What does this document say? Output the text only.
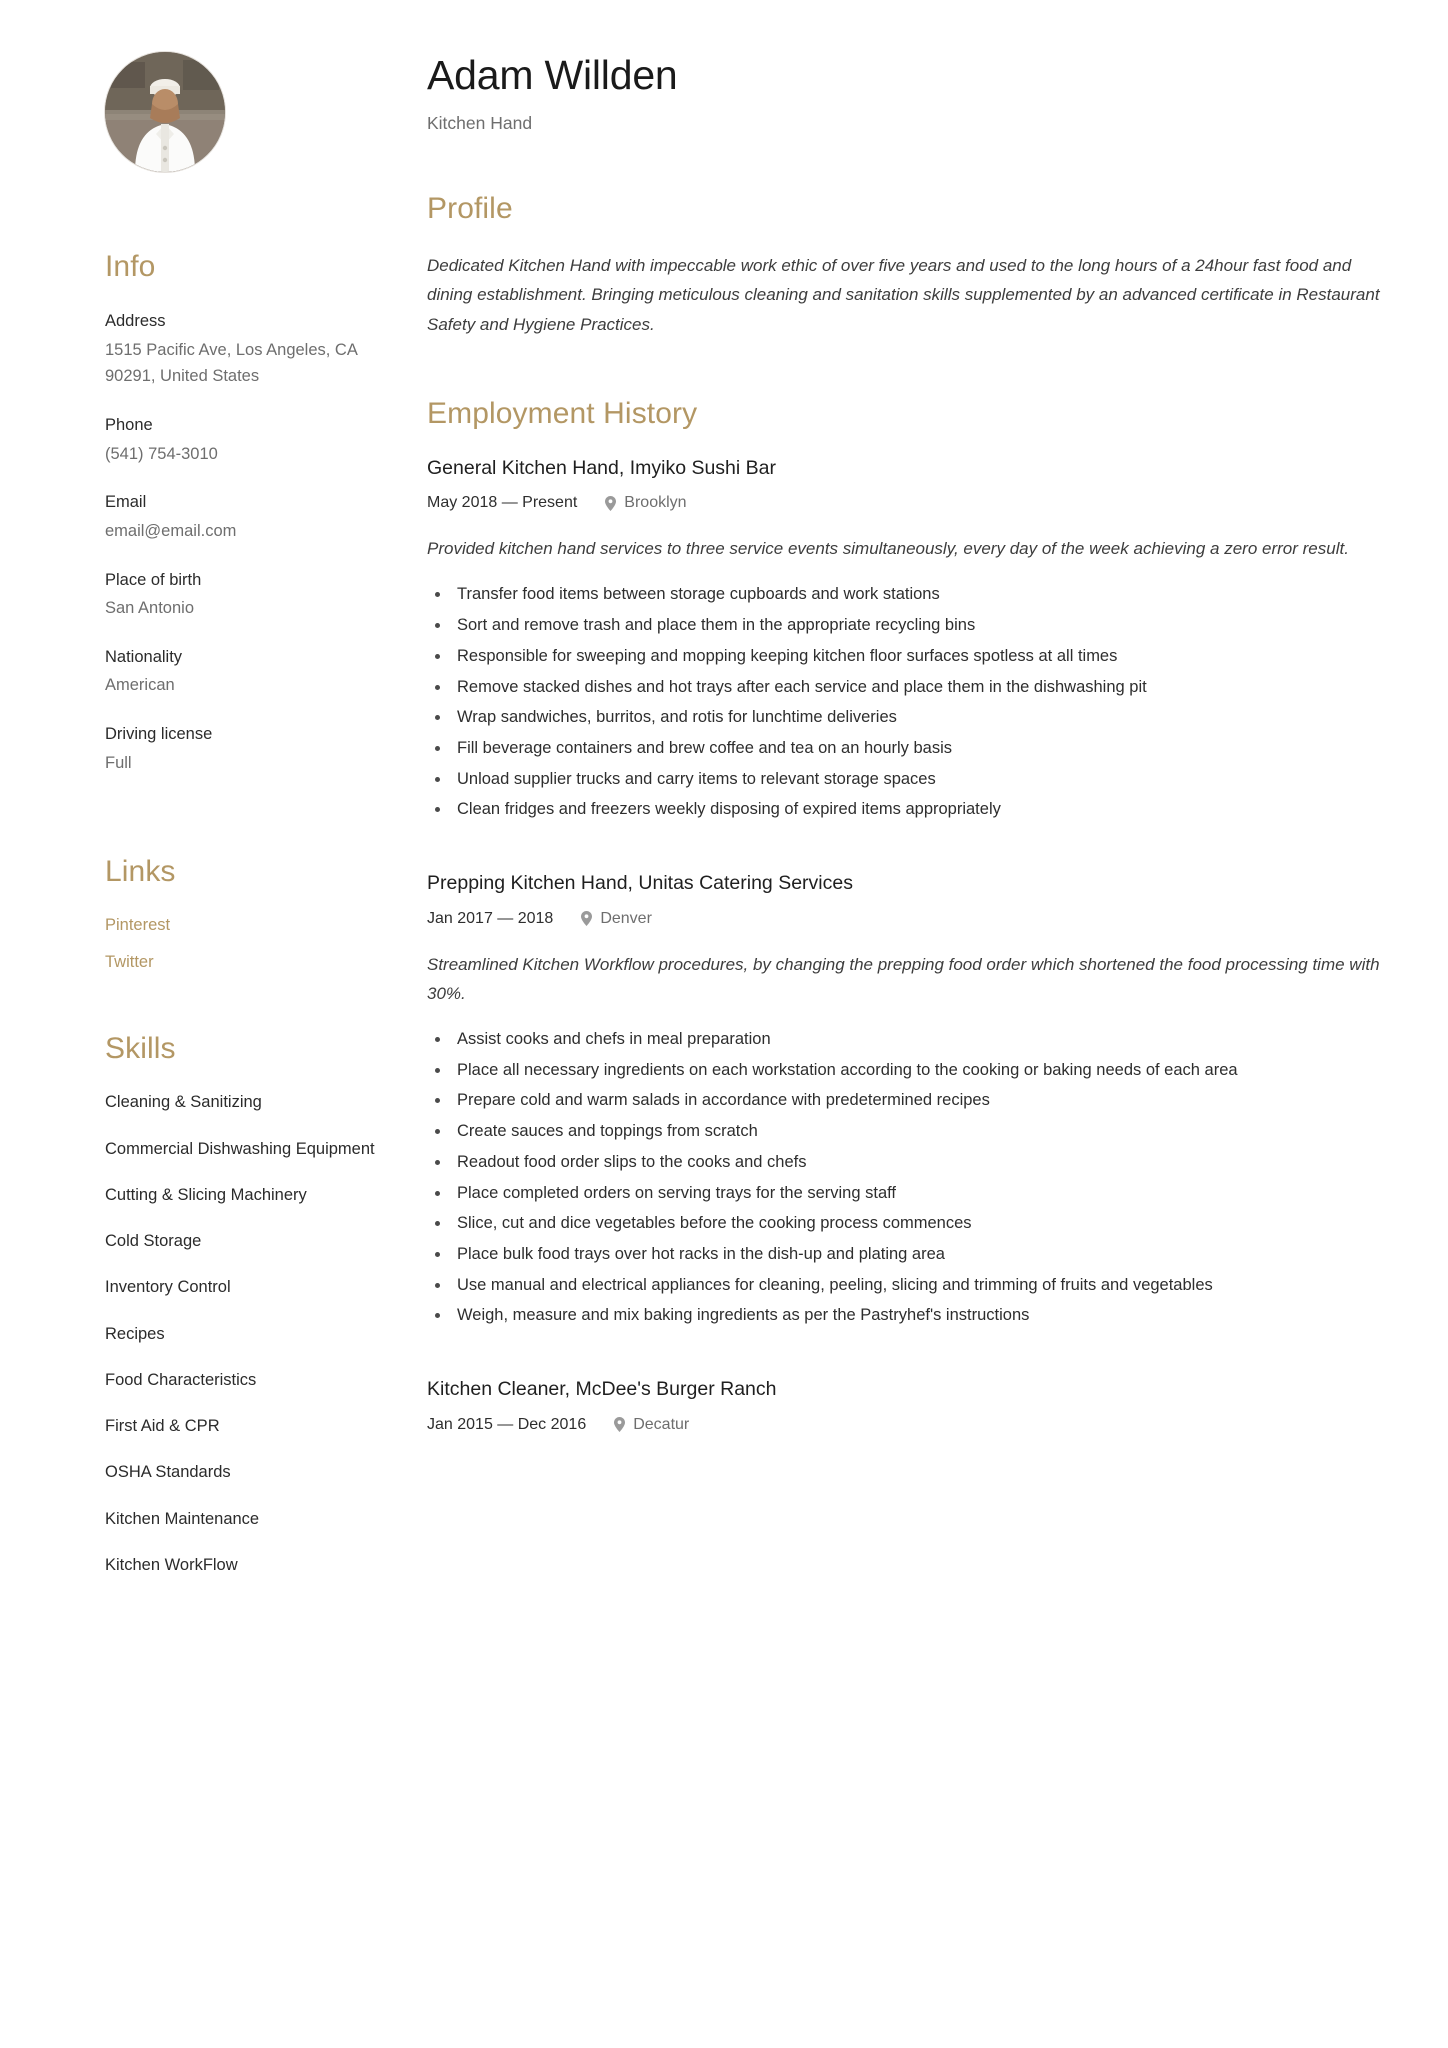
Info
Address
1515 Pacific Ave, Los Angeles, CA 90291, United States
Phone
(541) 754-3010
Email
email@email.com
Place of birth
San Antonio
Nationality
American
Driving license
Full
Links
Pinterest
Twitter
Skills
Cleaning & Sanitizing
Commercial Dishwashing Equipment
Cutting & Slicing Machinery
Cold Storage
Inventory Control
Recipes
Food Characteristics
First Aid & CPR
OSHA Standards
Kitchen Maintenance
Kitchen WorkFlow
Adam Willden
Kitchen Hand
Profile

Dedicated Kitchen Hand with impeccable work ethic of over five years and used to the long hours of a 24hour fast food and dining establishment. Bringing meticulous cleaning and sanitation skills supplemented by an advanced certificate in Restaurant Safety and Hygiene Practices.

Employment History
General Kitchen Hand, Imyiko Sushi Bar
May 2018 — Present	Brooklyn

Provided kitchen hand services to three service events simultaneously, every day of the week achieving a zero error result.

Transfer food items between storage cupboards and work stations
Sort and remove trash and place them in the appropriate recycling bins
Responsible for sweeping and mopping keeping kitchen floor surfaces spotless at all times
Remove stacked dishes and hot trays after each service and place them in the dishwashing pit
Wrap sandwiches, burritos, and rotis for lunchtime deliveries
Fill beverage containers and brew coffee and tea on an hourly basis
Unload supplier trucks and carry items to relevant storage spaces
Clean fridges and freezers weekly disposing of expired items appropriately
Prepping Kitchen Hand, Unitas Catering Services
Jan 2017 — 2018	Denver

Streamlined Kitchen Workflow procedures, by changing the prepping food order which shortened the food processing time with 30%.

Assist cooks and chefs in meal preparation
Place all necessary ingredients on each workstation according to the cooking or baking needs of each area
Prepare cold and warm salads in accordance with predetermined recipes
Create sauces and toppings from scratch
Readout food order slips to the cooks and chefs
Place completed orders on serving trays for the serving staff
Slice, cut and dice vegetables before the cooking process commences
Place bulk food trays over hot racks in the dish-up and plating area
Use manual and electrical appliances for cleaning, peeling, slicing and trimming of fruits and vegetables
Weigh, measure and mix baking ingredients as per the Pastryhef's instructions
Kitchen Cleaner, McDee's Burger Ranch
Jan 2015 — Dec 2016	Decatur
